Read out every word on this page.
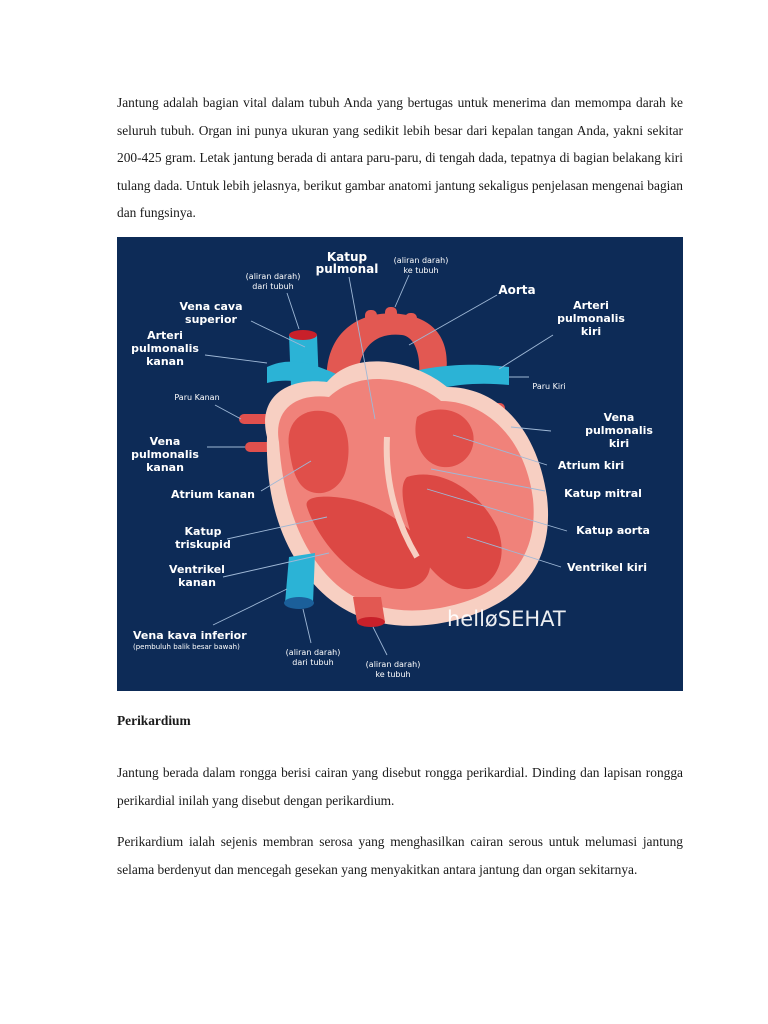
Jantung adalah bagian vital dalam tubuh Anda yang bertugas untuk menerima dan memompa darah ke seluruh tubuh. Organ ini punya ukuran yang sedikit lebih besar dari kepalan tangan Anda, yakni sekitar 200-425 gram. Letak jantung berada di antara paru-paru, di tengah dada, tepatnya di bagian belakang kiri tulang dada. Untuk lebih jelasnya, berikut gambar anatomi jantung sekaligus penjelasan mengenai bagian dan fungsinya.

Katup
pulmonal
(aliran darah)
dari tubuh
(aliran darah)
ke tubuh
Aorta
Arteri
pulmonalis
kiri
Vena cava
superior
Arteri
pulmonalis
kanan
Paru Kiri
Paru Kanan
Vena
pulmonalis
kiri
Vena
pulmonalis
kanan	Atrium kiri
Atrium kanan	Katup mitral
Katup
triskupid
Katup aorta
Ventrikel
kanan
Ventrikel kiri
Vena kava inferior
(pembuluh balik besar bawah)
(aliran darah)
dari tubuh	(aliran darah)
ke tubuh
helløSEHAT
Perikardium

Jantung berada dalam rongga berisi cairan yang disebut rongga perikardial. Dinding dan lapisan rongga perikardial inilah yang disebut dengan perikardium.

Perikardium ialah sejenis membran serosa yang menghasilkan cairan serous untuk melumasi jantung selama berdenyut dan mencegah gesekan yang menyakitkan antara jantung dan organ sekitarnya.
